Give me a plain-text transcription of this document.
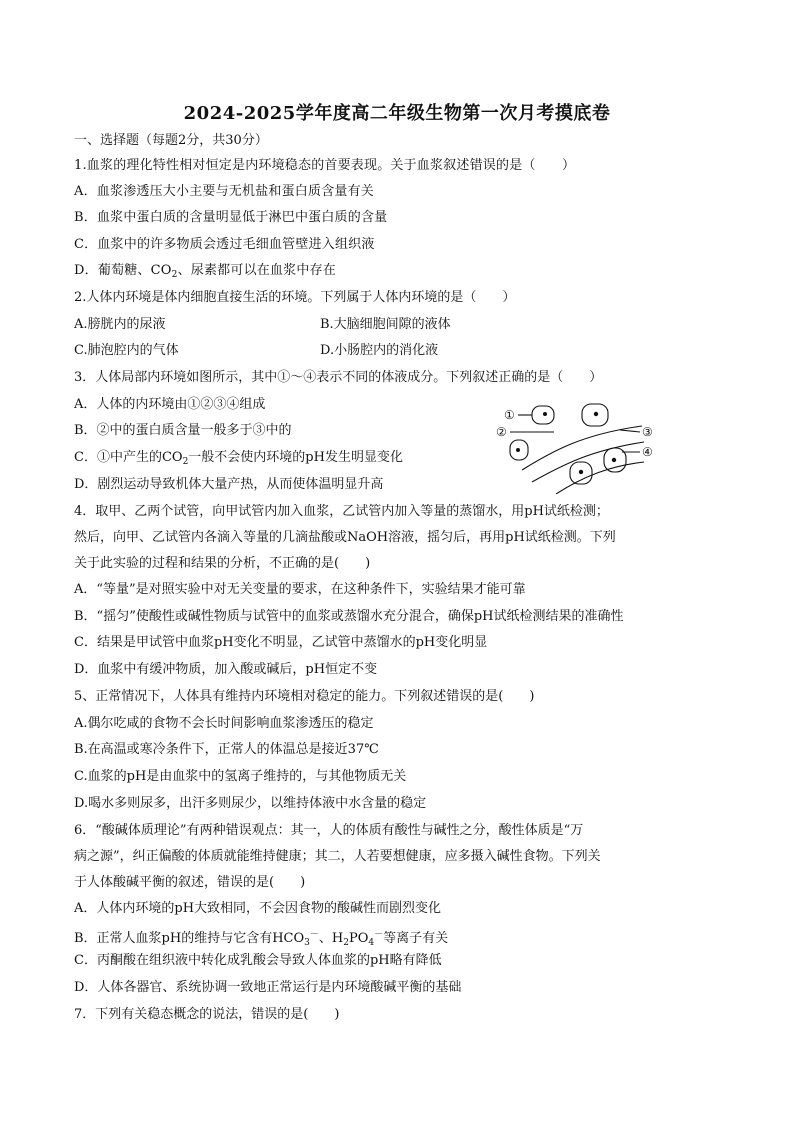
2024-2025学年度高二年级生物第一次月考摸底卷
一、选择题（每题2分，共30分）
1.血浆的理化特性相对恒定是内环境稳态的首要表现。关于血浆叙述错误的是（　　）
A．血浆渗透压大小主要与无机盐和蛋白质含量有关
B．血浆中蛋白质的含量明显低于淋巴中蛋白质的含量
C．血浆中的许多物质会透过毛细血管壁进入组织液
D．葡萄糖、$CO_2$、尿素都可以在血浆中存在
2.人体内环境是体内细胞直接生活的环境。下列属于人体内环境的是（　　）
A.膀胱内的尿液	B.大脑细胞间隙的液体
C.肺泡腔内的气体	D.小肠腔内的消化液
3．人体局部内环境如图所示，其中①～④表示不同的体液成分。下列叙述正确的是（　　）
A．人体的内环境由①②③④组成
B．②中的蛋白质含量一般多于③中的
C．①中产生的$CO_2$一般不会使内环境的pH发生明显变化
D．剧烈运动导致机体大量产热，从而使体温明显升高
①
②	③
④
4．取甲、乙两个试管，向甲试管内加入血浆，乙试管内加入等量的蒸馏水，用pH试纸检测；
然后，向甲、乙试管内各滴入等量的几滴盐酸或NaOH溶液，摇匀后，再用pH试纸检测。下列
关于此实验的过程和结果的分析，不正确的是(　　)
A．“等量”是对照实验中对无关变量的要求，在这种条件下，实验结果才能可靠
B．“摇匀”使酸性或碱性物质与试管中的血浆或蒸馏水充分混合，确保pH试纸检测结果的准确性
C．结果是甲试管中血浆pH变化不明显，乙试管中蒸馏水的pH变化明显
D．血浆中有缓冲物质，加入酸或碱后，pH恒定不变
5、正常情况下，人体具有维持内环境相对稳定的能力。下列叙述错误的是(　　)
A.偶尔吃咸的食物不会长时间影响血浆渗透压的稳定
B.在高温或寒冷条件下，正常人的体温总是接近37℃
C.血浆的pH是由血浆中的氢离子维持的，与其他物质无关
D.喝水多则尿多，出汗多则尿少，以维持体液中水含量的稳定
6．“酸碱体质理论”有两种错误观点：其一，人的体质有酸性与碱性之分，酸性体质是“万
病之源”，纠正偏酸的体质就能维持健康；其二，人若要想健康，应多摄入碱性食物。下列关
于人体酸碱平衡的叙述，错误的是(　　)
A．人体内环境的pH大致相同，不会因食物的酸碱性而剧烈变化
B．正常人血浆pH的维持与它含有$HCO_3^-$、$H_2PO_4^-$等离子有关
C．丙酮酸在组织液中转化成乳酸会导致人体血浆的pH略有降低
D．人体各器官、系统协调一致地正常运行是内环境酸碱平衡的基础
7．下列有关稳态概念的说法，错误的是(　　)
